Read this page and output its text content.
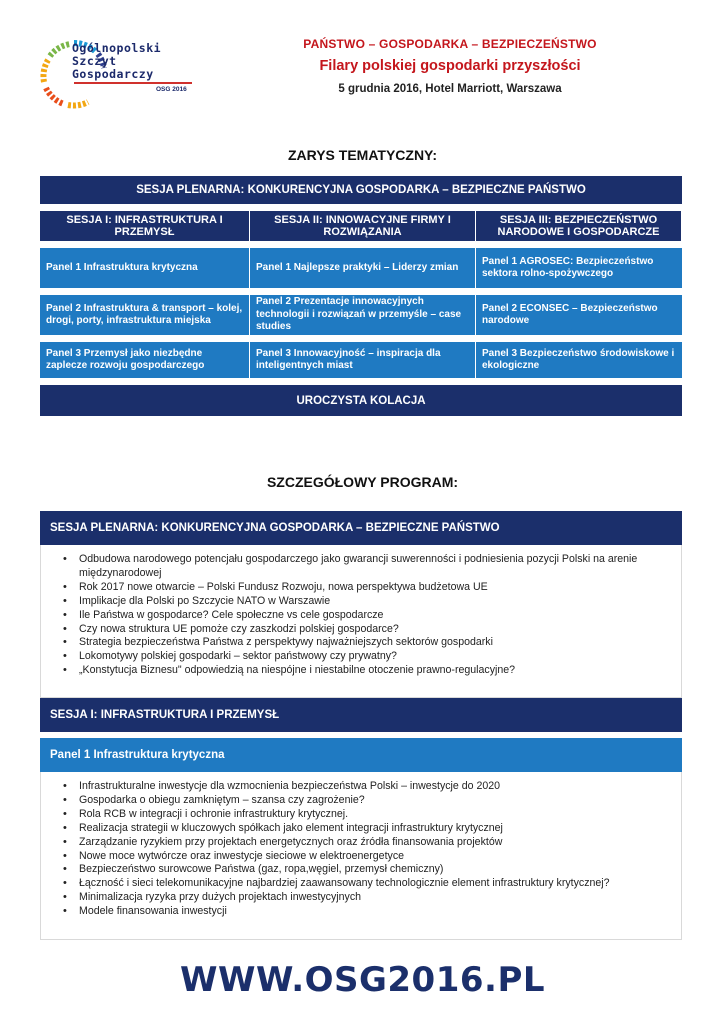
Ogólnopolski
Szczyt
Gospodarczy
OSG 2016
PAŃSTWO – GOSPODARKA – BEZPIECZEŃSTWO
Filary polskiej gospodarki przyszłości
5 grudnia 2016, Hotel Marriott, Warszawa
ZARYS TEMATYCZNY:
SESJA PLENARNA: KONKURENCYJNA GOSPODARKA – BEZPIECZNE PAŃSTWO
SESJA I: INFRASTRUKTURA I PRZEMYSŁ
SESJA II: INNOWACYJNE FIRMY I ROZWIĄZANIA
SESJA III: BEZPIECZEŃSTWO NARODOWE I GOSPODARCZE
Panel 1 Infrastruktura krytyczna	Panel 1 Najlepsze praktyki – Liderzy zmian
Panel 1 AGROSEC: Bezpieczeństwo sektora rolno-spożywczego
Panel 2 Infrastruktura & transport – kolej, drogi, porty, infrastruktura miejska
Panel 2 Prezentacje innowacyjnych technologii i rozwiązań w przemyśle – case studies
Panel 2 ECONSEC – Bezpieczeństwo narodowe
Panel 3 Przemysł jako niezbędne zaplecze rozwoju gospodarczego
Panel 3 Innowacyjność – inspiracja dla inteligentnych miast
Panel 3 Bezpieczeństwo środowiskowe i ekologiczne
UROCZYSTA KOLACJA
SZCZEGÓŁOWY PROGRAM:
SESJA PLENARNA: KONKURENCYJNA GOSPODARKA – BEZPIECZNE PAŃSTWO
• Odbudowa narodowego potencjału gospodarczego jako gwarancji suwerenności i podniesienia pozycji Polski na arenie międzynarodowej
• Rok 2017 nowe otwarcie – Polski Fundusz Rozwoju, nowa perspektywa budżetowa UE
• Implikacje dla Polski po Szczycie NATO w Warszawie
• Ile Państwa w gospodarce? Cele społeczne vs cele gospodarcze
• Czy nowa struktura UE pomoże czy zaszkodzi polskiej gospodarce?
• Strategia bezpieczeństwa Państwa z perspektywy najważniejszych sektorów gospodarki
• Lokomotywy polskiej gospodarki – sektor państwowy czy prywatny?
• „Konstytucja Biznesu" odpowiedzią na niespójne i niestabilne otoczenie prawno-regulacyjne?
SESJA I: INFRASTRUKTURA I PRZEMYSŁ
Panel 1 Infrastruktura krytyczna
• Infrastrukturalne inwestycje dla wzmocnienia bezpieczeństwa Polski – inwestycje do 2020
• Gospodarka o obiegu zamkniętym – szansa czy zagrożenie?
• Rola RCB w integracji i ochronie infrastruktury krytycznej.
• Realizacja strategii w kluczowych spółkach jako element integracji infrastruktury krytycznej
• Zarządzanie ryzykiem przy projektach energetycznych oraz źródła finansowania projektów
• Nowe moce wytwórcze oraz inwestycje sieciowe w elektroenergetyce
• Bezpieczeństwo surowcowe Państwa (gaz, ropa,węgiel, przemysł chemiczny)
• Łączność i sieci telekomunikacyjne najbardziej zaawansowany technologicznie element infrastruktury krytycznej?
• Minimalizacja ryzyka przy dużych projektach inwestycyjnych
• Modele finansowania inwestycji
WWW.OSG2016.PL
